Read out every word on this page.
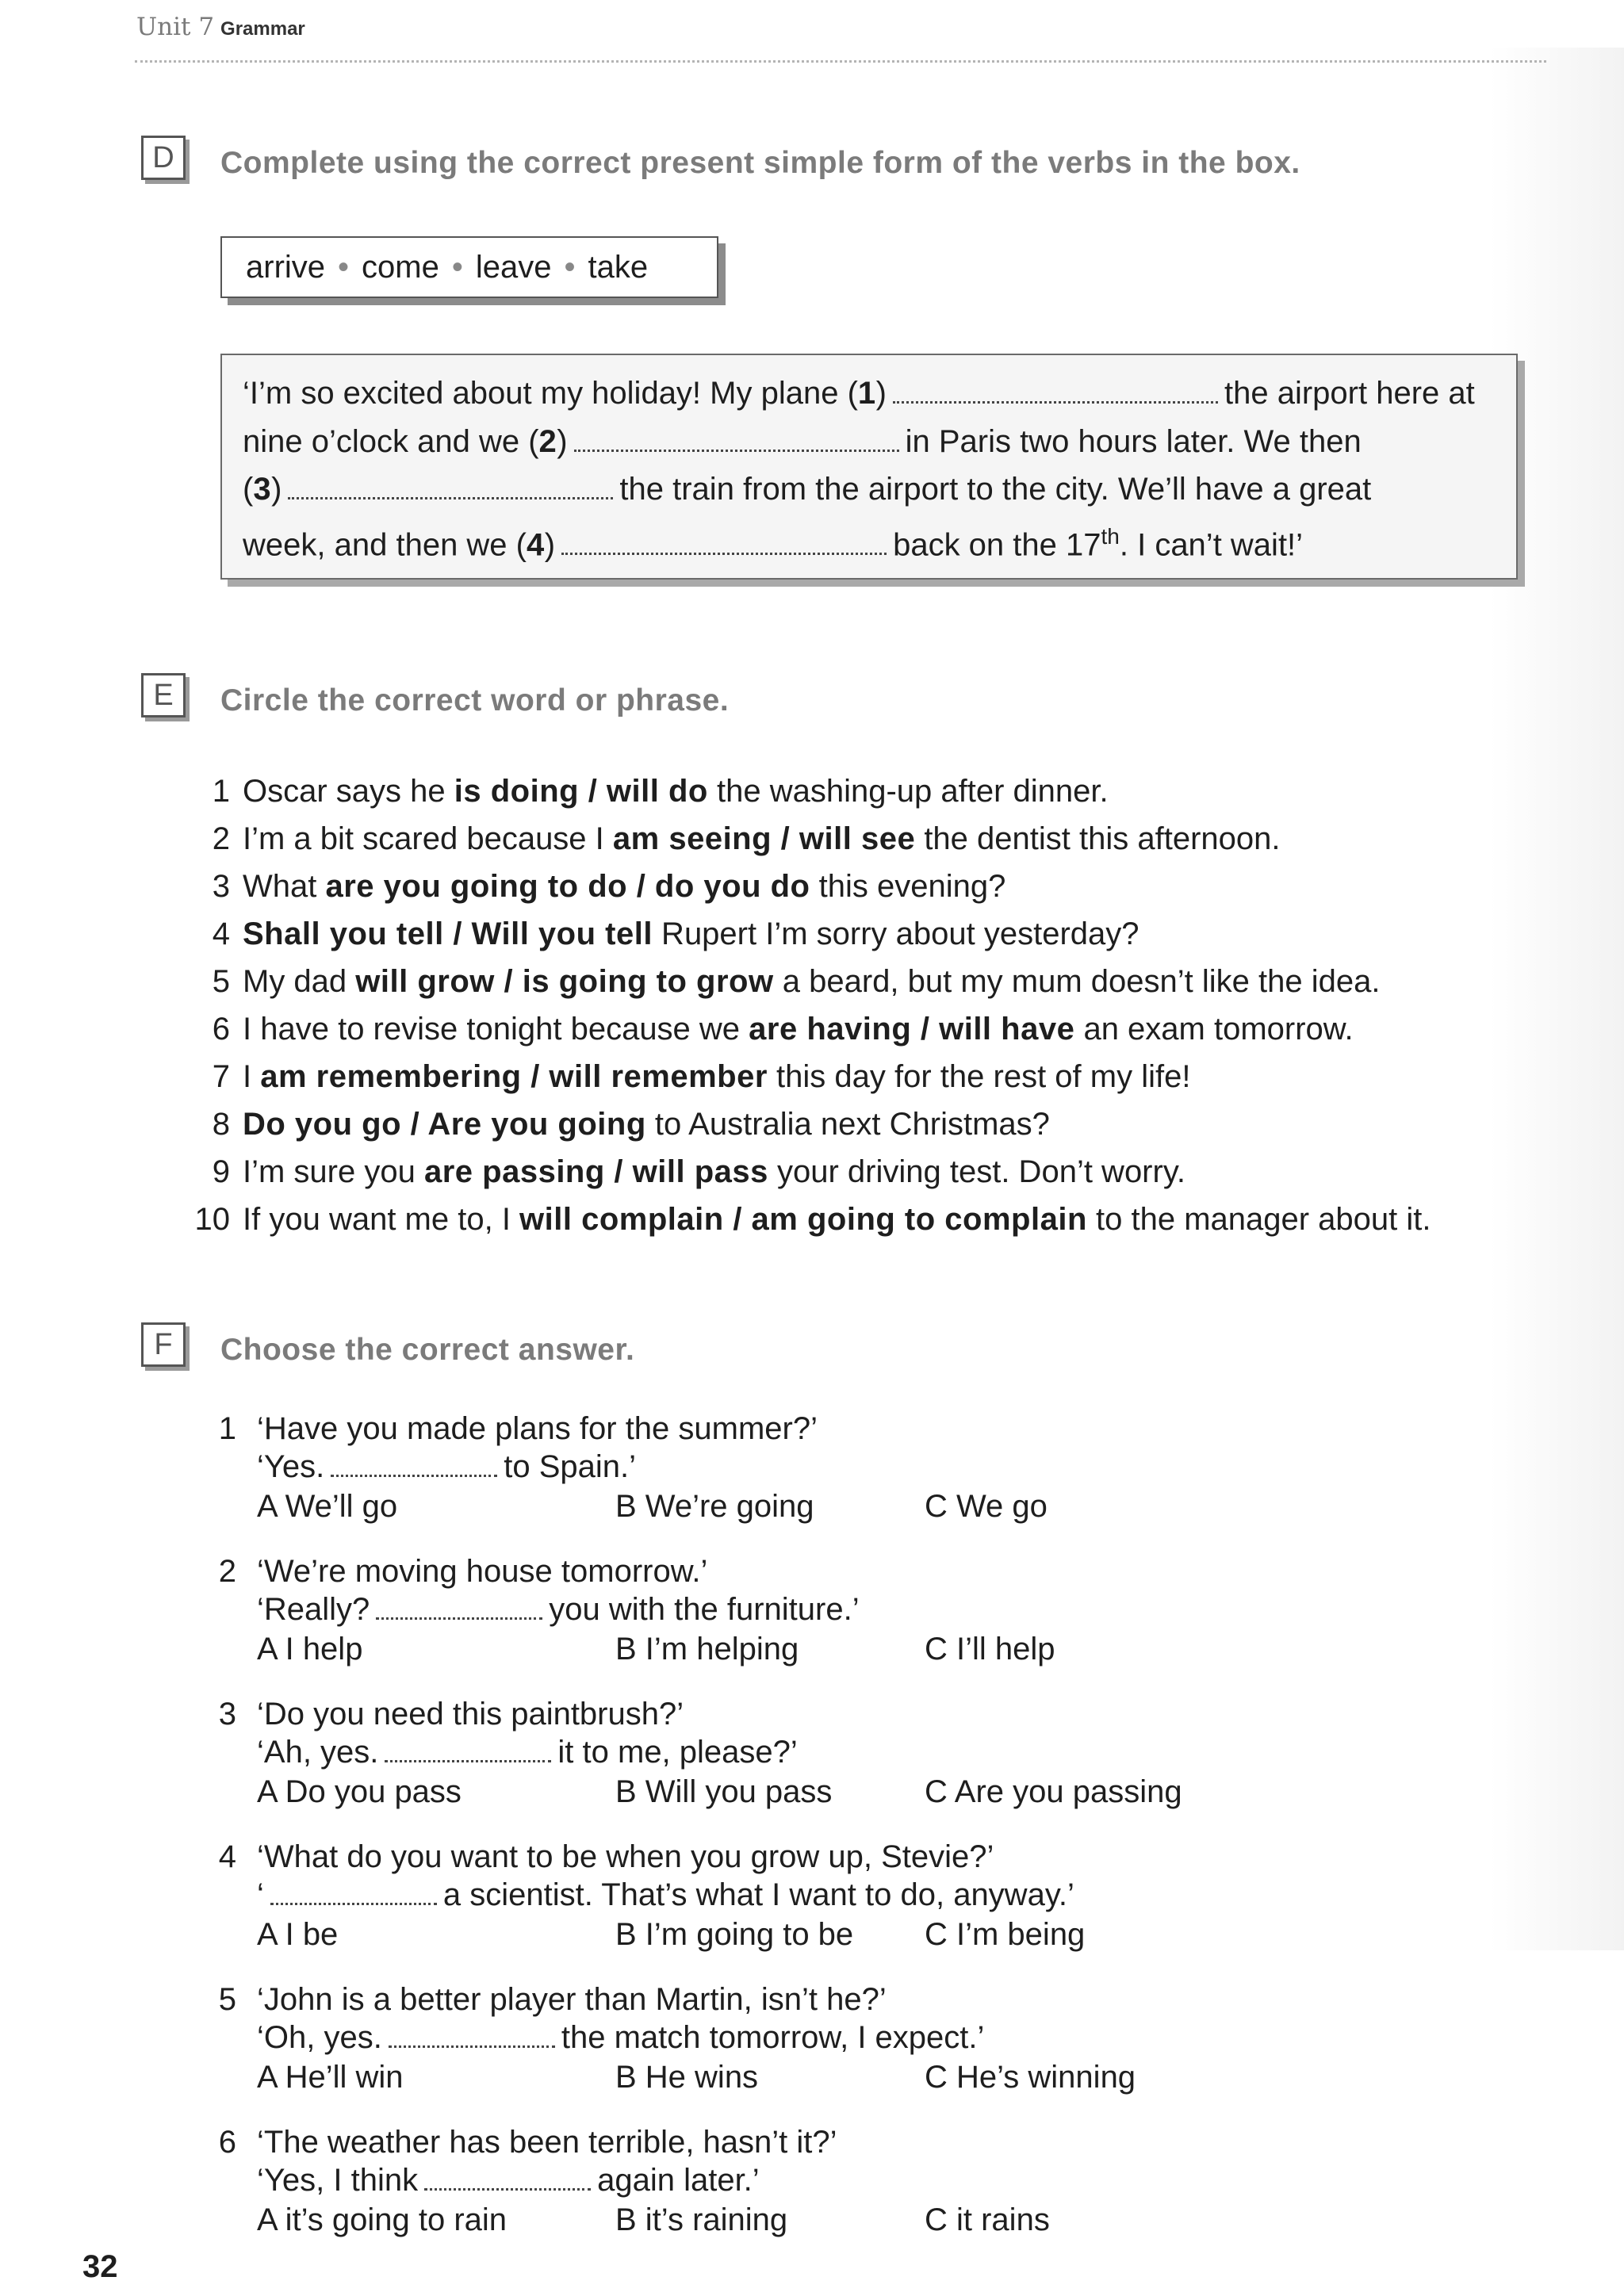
Unit 7 Grammar
D	Complete using the correct present simple form of the verbs in the box.
arrive • come • leave • take
‘I’m so excited about my holiday! My plane (1)	the airport here at
nine o’clock and we (2)	in Paris two hours later. We then
(3)	the train from the airport to the city. We’ll have a great
week, and then we (4)	back on the 17th. I can’t wait!’
E	Circle the correct word or phrase.
1 Oscar says he is doing / will do the washing-up after dinner.
2 I’m a bit scared because I am seeing / will see the dentist this afternoon.
3 What are you going to do / do you do this evening?
4 Shall you tell / Will you tell Rupert I’m sorry about yesterday?
5 My dad will grow / is going to grow a beard, but my mum doesn’t like the idea.
6 I have to revise tonight because we are having / will have an exam tomorrow.
7 I am remembering / will remember this day for the rest of my life!
8 Do you go / Are you going to Australia next Christmas?
9 I’m sure you are passing / will pass your driving test. Don’t worry.
10 If you want me to, I will complain / am going to complain to the manager about it.
F	Choose the correct answer.
1 ‘Have you made plans for the summer?’
‘Yes.	to Spain.’
A We’ll go	B We’re going	C We go
2 ‘We’re moving house tomorrow.’
‘Really?	you with the furniture.’
A I help	B I’m helping	C I’ll help
3 ‘Do you need this paintbrush?’
‘Ah, yes.	it to me, please?’
A Do you pass	B Will you pass	C Are you passing
4 ‘What do you want to be when you grow up, Stevie?’
‘	a scientist. That’s what I want to do, anyway.’
A I be	B I’m going to be C I’m being
5 ‘John is a better player than Martin, isn’t he?’
‘Oh, yes.	the match tomorrow, I expect.’
A He’ll win	B He wins	C He’s winning
6 ‘The weather has been terrible, hasn’t it?’
‘Yes, I think	again later.’
A it’s going to rain	B it’s raining	C it rains
32
